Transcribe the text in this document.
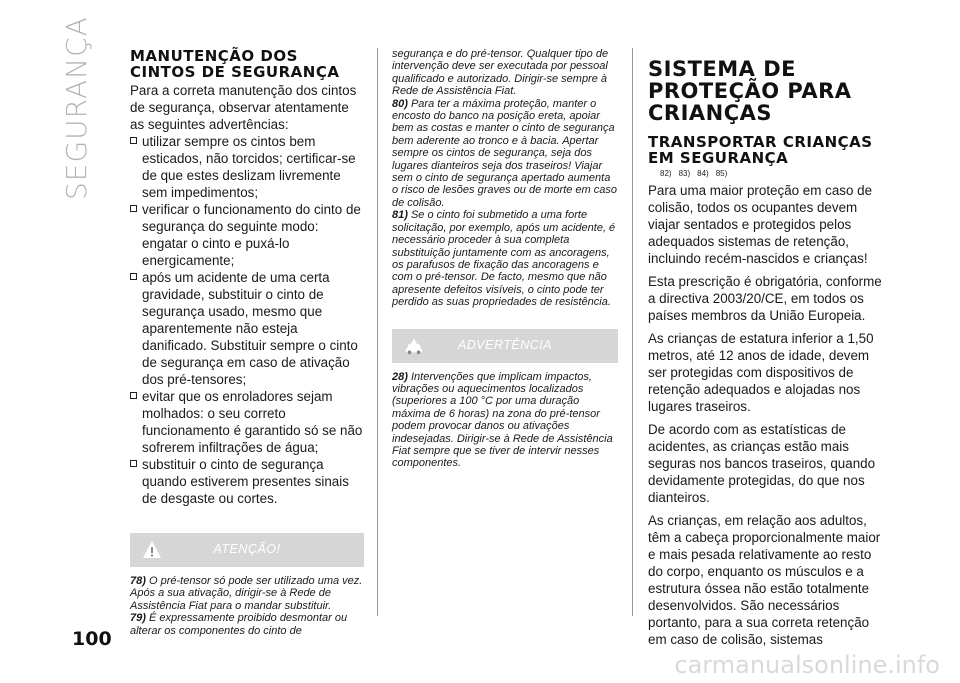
SEGURANÇA	MANUTENÇÃO DOS CINTOS DE SEGURANÇA

Para a correta manutenção dos cintos de segurança, observar atentamente as seguintes advertências:

utilizar sempre os cintos bem esticados, não torcidos; certificar-se de que estes deslizam livremente sem impedimentos;
verificar o funcionamento do cinto de segurança do seguinte modo: engatar o cinto e puxá-lo energicamente;
após um acidente de uma certa gravidade, substituir o cinto de segurança usado, mesmo que aparentemente não esteja danificado. Substituir sempre o cinto de segurança em caso de ativação dos pré-tensores;
evitar que os enroladores sejam molhados: o seu correto funcionamento é garantido só se não sofrerem infiltrações de água;
substituir o cinto de segurança quando estiverem presentes sinais de desgaste ou cortes.
ATENÇÃO!

78) O pré-tensor só pode ser utilizado uma vez. Após a sua ativação, dirigir-se à Rede de Assistência Fiat para o mandar substituir.

79) É expressamente proibido desmontar ou alterar os componentes do cinto de

segurança e do pré-tensor. Qualquer tipo de intervenção deve ser executada por pessoal qualificado e autorizado. Dirigir-se sempre à Rede de Assistência Fiat.

80) Para ter a máxima proteção, manter o encosto do banco na posição ereta, apoiar bem as costas e manter o cinto de segurança bem aderente ao tronco e à bacia. Apertar sempre os cintos de segurança, seja dos lugares dianteiros seja dos traseiros! Viajar sem o cinto de segurança apertado aumenta o risco de lesões graves ou de morte em caso de colisão.

81) Se o cinto foi submetido a uma forte solicitação, por exemplo, após um acidente, é necessário proceder à sua completa substituição juntamente com as ancoragens, os parafusos de fixação das ancoragens e com o pré-tensor. De facto, mesmo que não apresente defeitos visíveis, o cinto pode ter perdido as suas propriedades de resistência.

ADVERTÊNCIA

28) Intervenções que implicam impactos, vibrações ou aquecimentos localizados (superiores a 100 °C por uma duração máxima de 6 horas) na zona do pré-tensor podem provocar danos ou ativações indesejadas. Dirigir-se à Rede de Assistência Fiat sempre que se tiver de intervir nesses componentes.

SISTEMA DE PROTEÇÃO PARA CRIANÇAS
TRANSPORTAR CRIANÇAS EM SEGURANÇA
82) 83) 84) 85)

Para uma maior proteção em caso de colisão, todos os ocupantes devem viajar sentados e protegidos pelos adequados sistemas de retenção, incluindo recém-nascidos e crianças!

Esta prescrição é obrigatória, conforme a directiva 2003/20/CE, em todos os países membros da União Europeia.

As crianças de estatura inferior a 1,50 metros, até 12 anos de idade, devem ser protegidas com dispositivos de retenção adequados e alojadas nos lugares traseiros.

De acordo com as estatísticas de acidentes, as crianças estão mais seguras nos bancos traseiros, quando devidamente protegidas, do que nos dianteiros.

As crianças, em relação aos adultos, têm a cabeça proporcionalmente maior e mais pesada relativamente ao resto do corpo, enquanto os músculos e a estrutura óssea não estão totalmente desenvolvidos. São necessários portanto, para a sua correta retenção em caso de colisão, sistemas

100
carmanualsonline.info
